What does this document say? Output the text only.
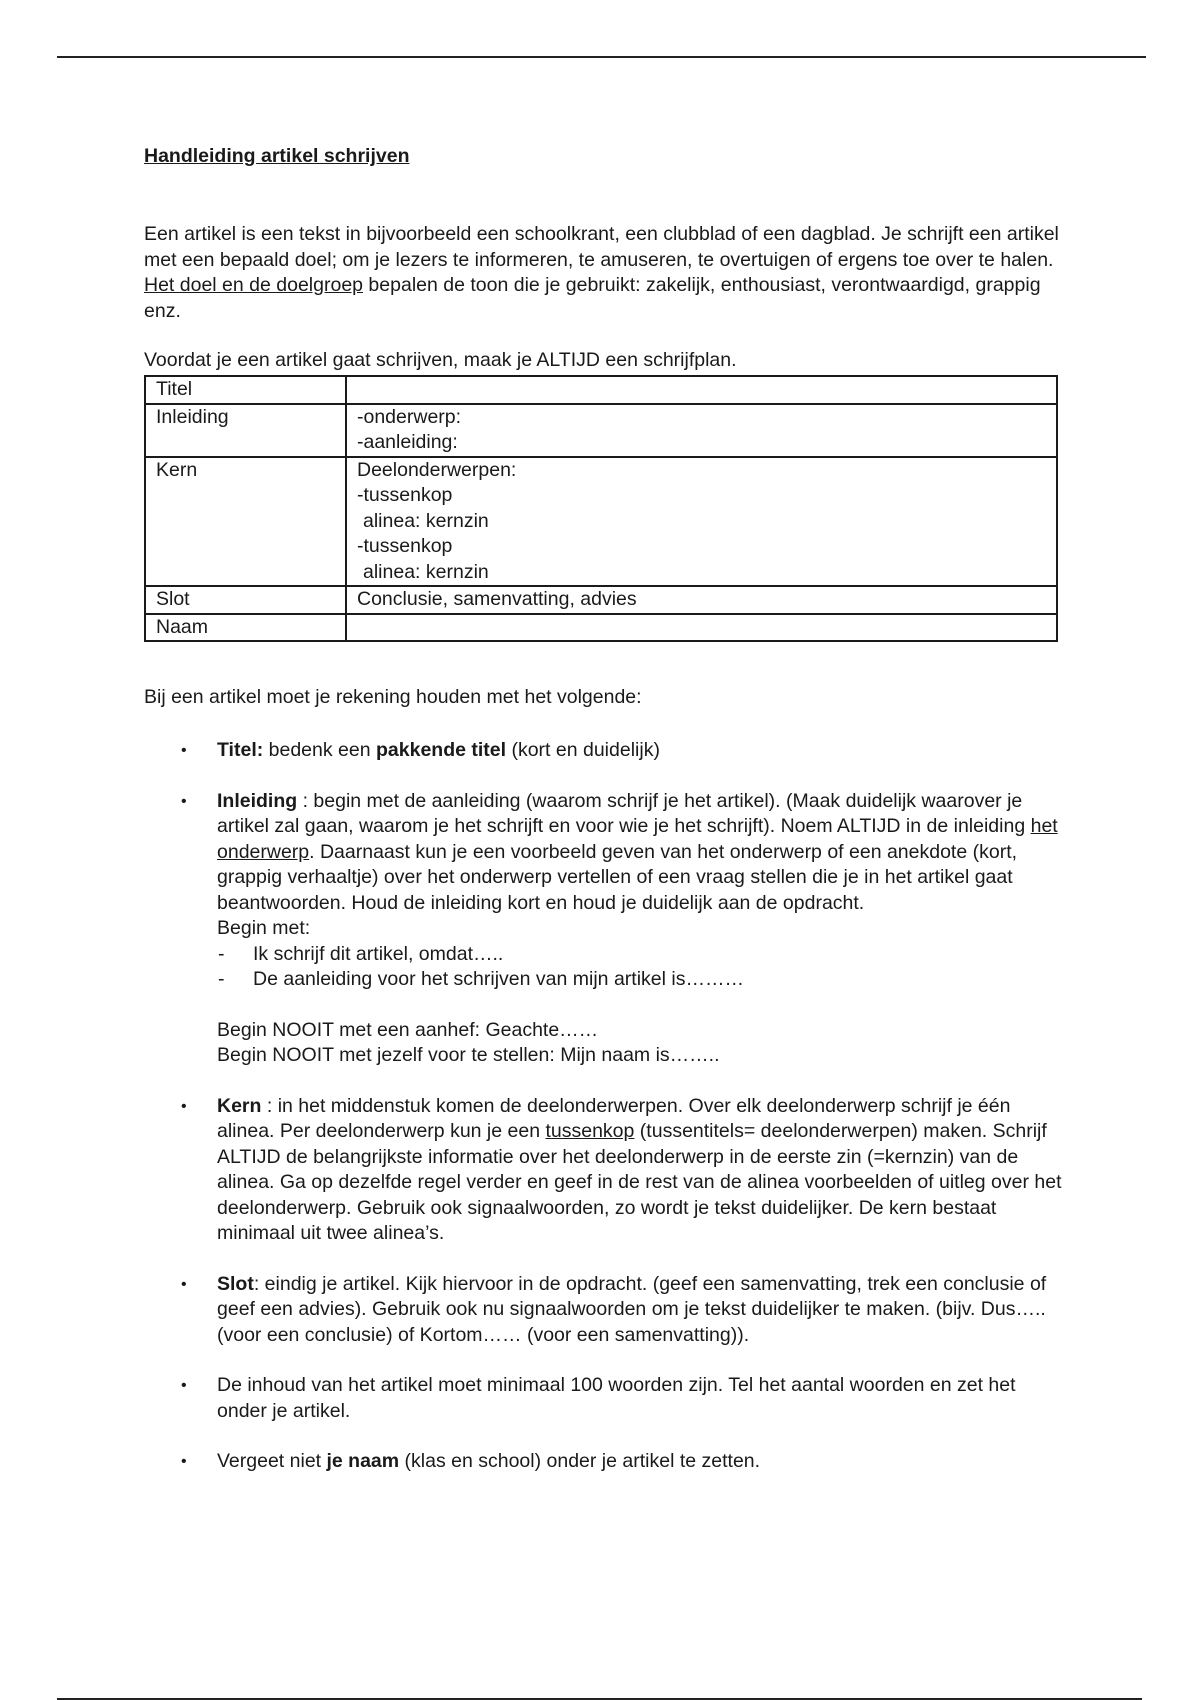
Handleiding artikel schrijven

Een artikel is een tekst in bijvoorbeeld een schoolkrant, een clubblad of een dagblad. Je schrijft een artikel met een bepaald doel; om je lezers te informeren, te amuseren, te overtuigen of ergens toe over te halen. Het doel en de doelgroep bepalen de toon die je gebruikt: zakelijk, enthousiast, verontwaardigd, grappig enz.

Voordat je een artikel gaat schrijven, maak je ALTIJD een schrijfplan.
Titel	
Inleiding	-onderwerp:
-aanleiding:

Kern	Deelonderwerpen:
-tussenkop
alinea: kernzin
-tussenkop
alinea: kernzin

Slot	Conclusie, samenvatting, advies

Naam	
Bij een artikel moet je rekening houden met het volgende:
• Titel: bedenk een pakkende titel (kort en duidelijk)

• Inleiding : begin met de aanleiding (waarom schrijf je het artikel). (Maak duidelijk waarover je artikel zal gaan, waarom je het schrijft en voor wie je het schrijft). Noem ALTIJD in de inleiding het onderwerp. Daarnaast kun je een voorbeeld geven van het onderwerp of een anekdote (kort, grappig verhaaltje) over het onderwerp vertellen of een vraag stellen die je in het artikel gaat beantwoorden. Houd de inleiding kort en houd je duidelijk aan de opdracht.

Begin met:

- Ik schrijf dit artikel, omdat…..
- De aanleiding voor het schrijven van mijn artikel is………

Begin NOOIT met een aanhef: Geachte……

Begin NOOIT met jezelf voor te stellen: Mijn naam is……..

• Kern : in het middenstuk komen de deelonderwerpen. Over elk deelonderwerp schrijf je één alinea. Per deelonderwerp kun je een tussenkop (tussentitels= deelonderwerpen) maken. Schrijf ALTIJD de belangrijkste informatie over het deelonderwerp in de eerste zin (=kernzin) van de alinea. Ga op dezelfde regel verder en geef in de rest van de alinea voorbeelden of uitleg over het deelonderwerp. Gebruik ook signaalwoorden, zo wordt je tekst duidelijker. De kern bestaat minimaal uit twee alinea’s.

• Slot: eindig je artikel. Kijk hiervoor in de opdracht. (geef een samenvatting, trek een conclusie of geef een advies). Gebruik ook nu signaalwoorden om je tekst duidelijker te maken. (bijv. Dus….. (voor een conclusie) of Kortom…… (voor een samenvatting)).

• De inhoud van het artikel moet minimaal 100 woorden zijn. Tel het aantal woorden en zet het onder je artikel.

• Vergeet niet je naam (klas en school) onder je artikel te zetten.
